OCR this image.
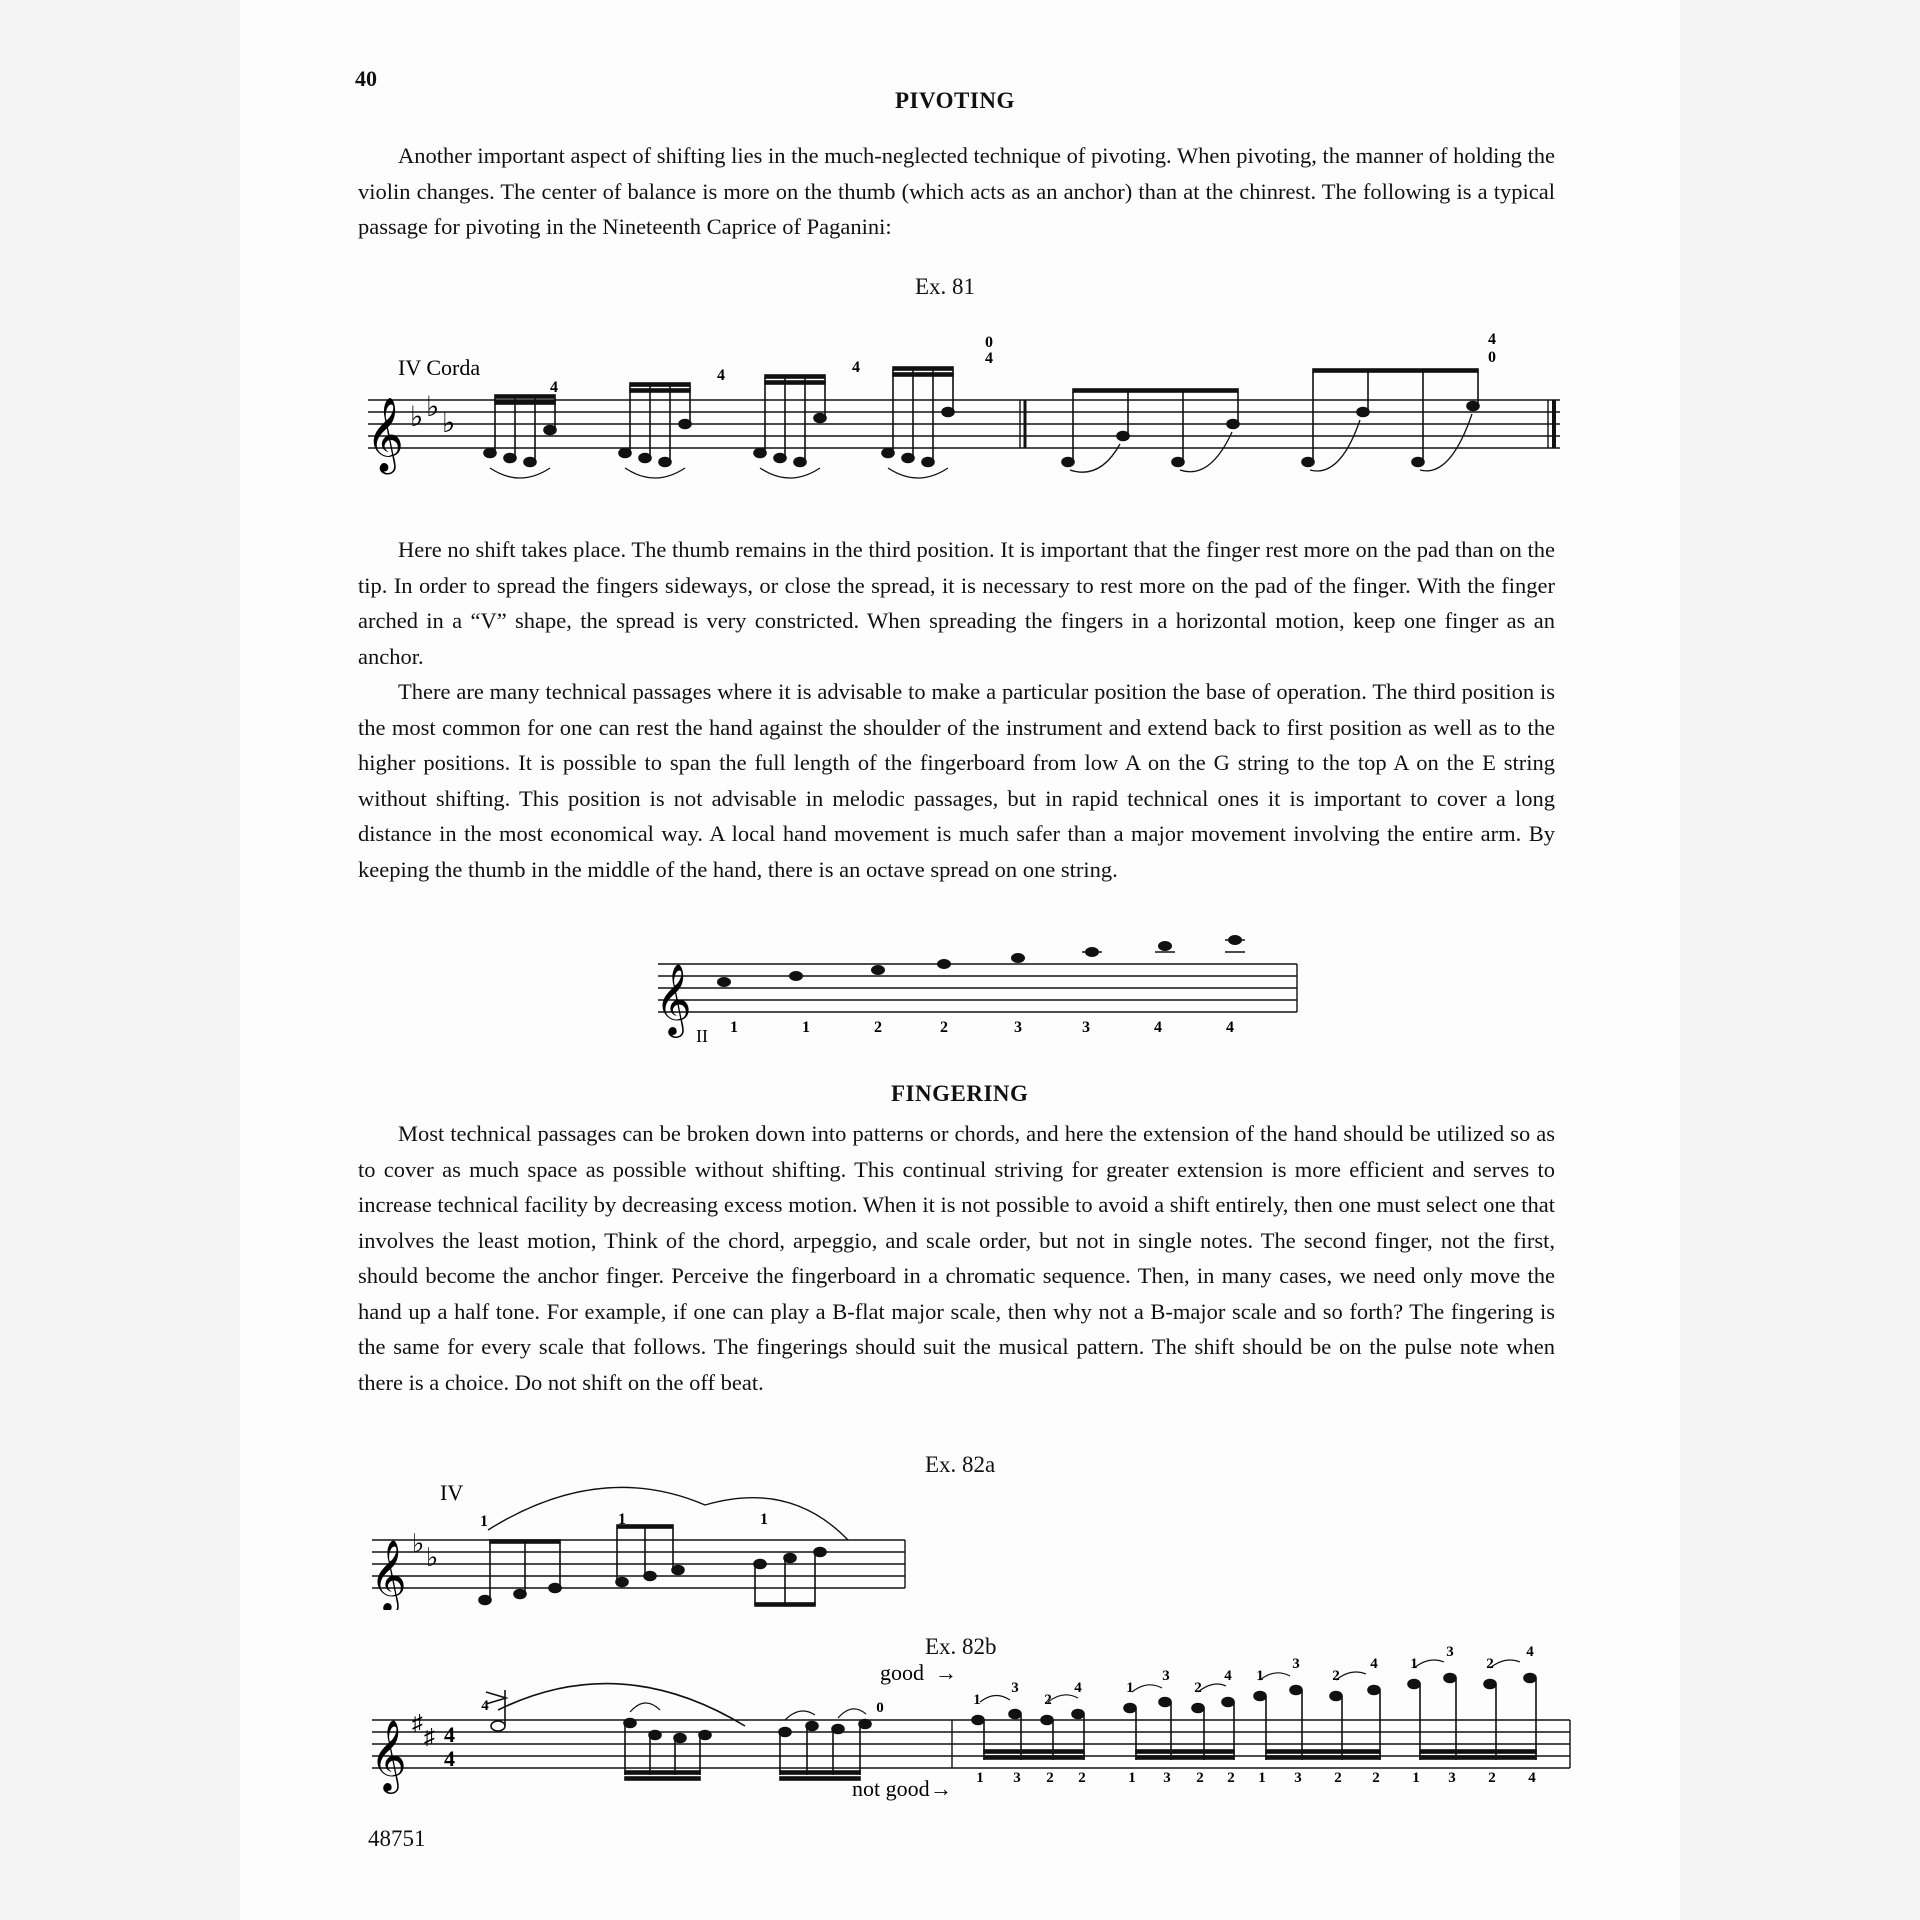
40
PIVOTING

Another important aspect of shifting lies in the much-neglected technique of pivoting. When pivoting, the manner of holding the violin changes. The center of balance is more on the thumb (which acts as an anchor) than at the chinrest. The following is a typical passage for pivoting in the Nineteenth Caprice of Paganini:

Ex. 81
IV Corda
𝄞 ♭ ♭
♭
4
4	4
0
4
4
0

Here no shift takes place. The thumb remains in the third position. It is important that the finger rest more on the pad than on the tip. In order to spread the fingers sideways, or close the spread, it is necessary to rest more on the pad of the finger. With the finger arched in a “V” shape, the spread is very constricted. When spreading the fingers in a horizontal motion, keep one finger as an anchor.

There are many technical passages where it is advisable to make a particular position the base of operation. The third position is the most common for one can rest the hand against the shoulder of the instrument and extend back to first position as well as to the higher positions. It is possible to span the full length of the fingerboard from low A on the G string to the top A on the E string without shifting. This position is not advisable in melodic passages, but in rapid technical ones it is important to cover a long distance in the most economical way. A local hand movement is much safer than a major movement involving the entire arm. By keeping the thumb in the middle of the hand, there is an octave spread on one string.

𝄞
II 1	1	2	2	3	3	4	4
FINGERING

Most technical passages can be broken down into patterns or chords, and here the extension of the hand should be utilized so as to cover as much space as possible without shifting. This continual striving for greater extension is more efficient and serves to increase technical facility by decreasing excess motion. When it is not possible to avoid a shift entirely, then one must select one that involves the least motion, Think of the chord, arpeggio, and scale order, but not in single notes. The second finger, not the first, should become the anchor finger. Perceive the fingerboard in a chromatic sequence. Then, in many cases, we need only move the hand up a half tone. For example, if one can play a B-flat major scale, then why not a B-major scale and so forth? The fingering is the same for every scale that follows. The fingerings should suit the musical pattern. The shift should be on the pulse note when there is a choice. Do not shift on the off beat.

Ex. 82a
IV
𝄞 ♭ ♭
1	1	1
Ex. 82b
𝄞 ♯
♯ 4
4
good →
not good →
4	0	1
3
2
4	1
3
2
4 1
3
2
4 1
3
2
4
1 3 2 2	1 3 2 2 1 3 2 2 1 3 2 4
48751
